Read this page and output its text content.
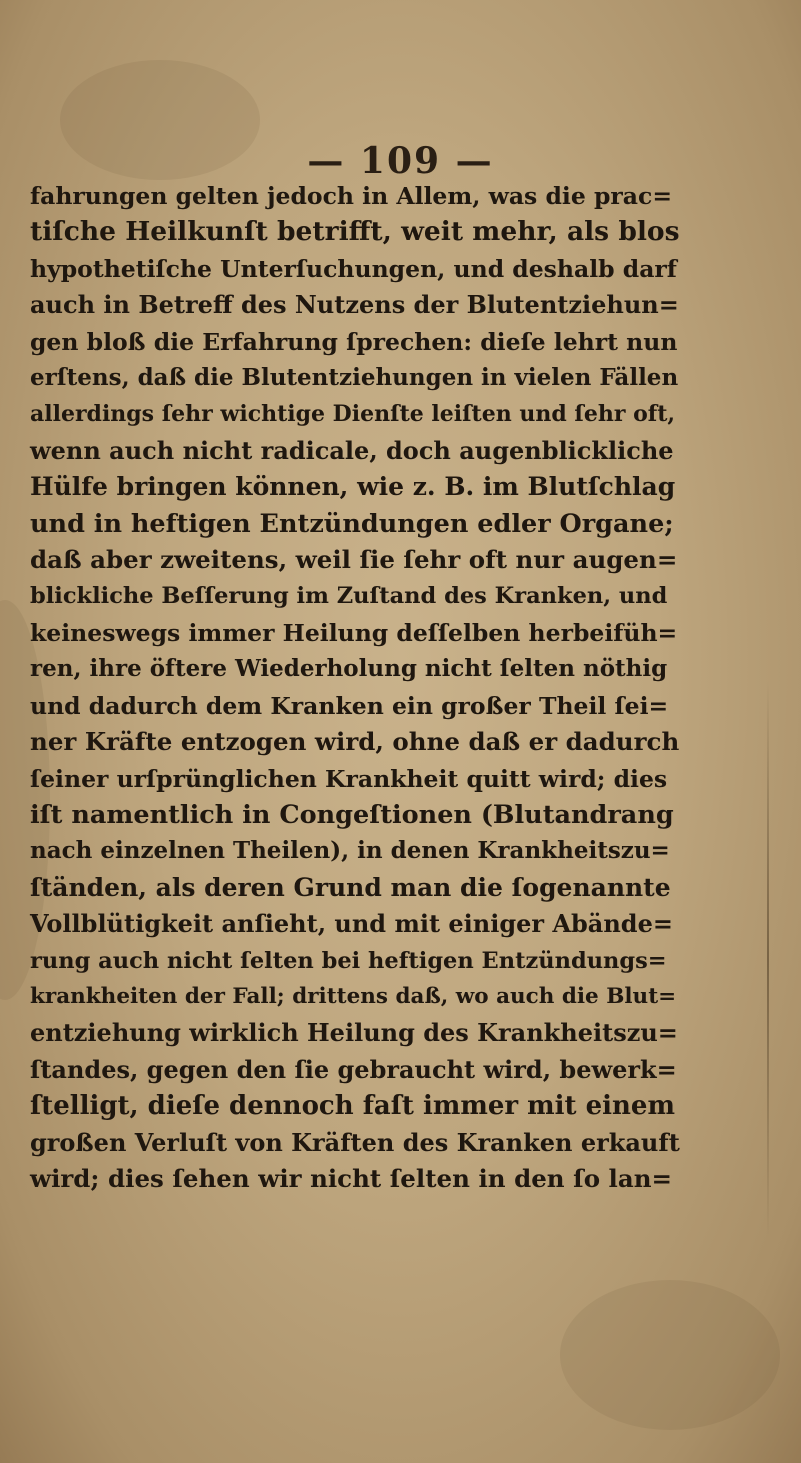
— 109 —
fahrungen gelten jedoch in Allem, was die prac=
tiſche Heilkunſt betrifft, weit mehr, als blos
hypothetiſche Unterſuchungen, und deshalb darf
auch in Betreff des Nutzens der Blutentziehun=
gen bloß die Erfahrung ſprechen: dieſe lehrt nun
erſtens, daß die Blutentziehungen in vielen Fällen
allerdings ſehr wichtige Dienſte leiſten und ſehr oft,
wenn auch nicht radicale, doch augenblickliche
Hülfe bringen können, wie z. B. im Blutſchlag
und in heftigen Entzündungen edler Organe;
daß aber zweitens, weil ſie ſehr oft nur augen=
blickliche Beſſerung im Zuſtand des Kranken, und
keineswegs immer Heilung deſſelben herbeifüh=
ren, ihre öftere Wiederholung nicht ſelten nöthig
und dadurch dem Kranken ein großer Theil ſei=
ner Kräfte entzogen wird, ohne daß er dadurch
ſeiner urſprünglichen Krankheit quitt wird; dies
iſt namentlich in Congeſtionen (Blutandrang
nach einzelnen Theilen), in denen Krankheitszu=
ſtänden, als deren Grund man die ſogenannte
Vollblütigkeit anſieht, und mit einiger Abände=
rung auch nicht ſelten bei heftigen Entzündungs=
krankheiten der Fall; drittens daß, wo auch die Blut=
entziehung wirklich Heilung des Krankheitszu=
ſtandes, gegen den ſie gebraucht wird, bewerk=
ſtelligt, dieſe dennoch faſt immer mit einem
großen Verluſt von Kräften des Kranken erkauft
wird; dies ſehen wir nicht ſelten in den ſo lan=
